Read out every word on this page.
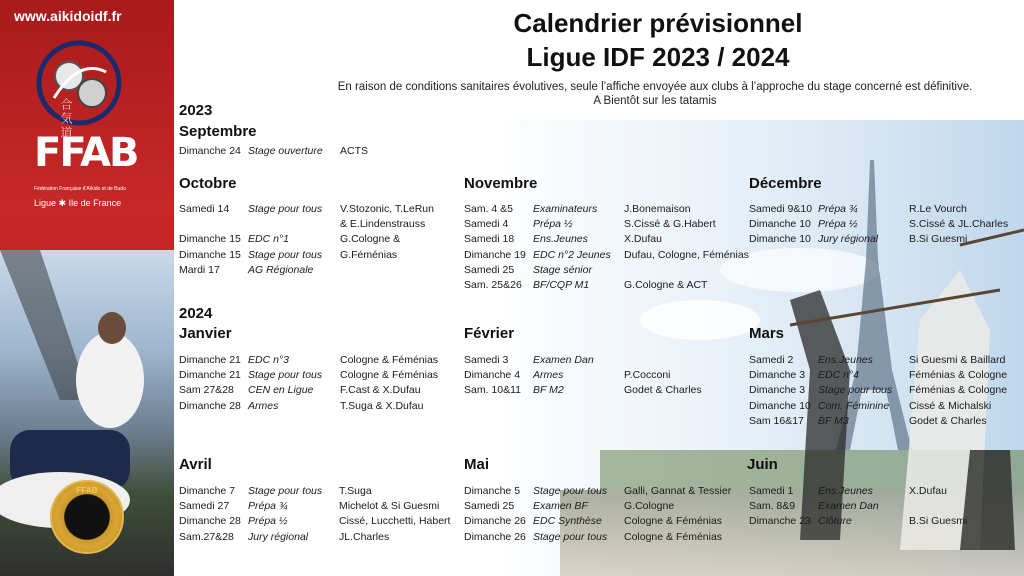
www.aikidoidf.fr
合気道
FFAB
Fédération Française d'Aïkido et de Budo
Ligue ✱ Ile de France
FFAB
Calendrier prévisionnel
Ligue IDF 2023 / 2024
En raison de conditions sanitaires évolutives, seule l’affiche envoyée aux clubs à l’approche du stage concerné est définitive.
A Bientôt sur les tatamis
2023
2024
Septembre
Dimanche 24 Stage ouverture ACTS
Octobre
Samedi 14

Dimanche 15
Dimanche 15
Mardi 17
Stage pour tous

EDC n°1
Stage pour tous
AG Régionale
V.Stozonic, T.LeRun
& E.Lindenstrauss
G.Cologne &
G.Féménias
Novembre
Sam. 4 &5
Samedi 4
Samedi 18
Dimanche 19
Samedi 25
Sam. 25&26
Examinateurs
Prépa ½
Ens.Jeunes
EDC n°2 Jeunes
Stage sénior
BF/CQP M1
J.Bonemaison
S.Cissé & G.Habert
X.Dufau
Dufau, Cologne, Féménias

G.Cologne & ACT
Décembre
Samedi 9&10
Dimanche 10
Dimanche 10
Prépa ¾
Prépa ½
Jury régional
R.Le Vourch
S.Cissé & JL.Charles
B.Si Guesmi
Janvier
Dimanche 21
Dimanche 21
Sam 27&28
Dimanche 28
EDC n°3
Stage pour tous
CEN en Ligue
Armes
Cologne & Féménias
Cologne & Féménias
F.Cast & X.Dufau
T.Suga & X.Dufau
Février
Samedi 3
Dimanche 4
Sam. 10&11
Examen Dan
Armes
BF M2

P.Cocconi
Godet & Charles
Mars
Samedi 2
Dimanche 3
Dimanche 3
Dimanche 10
Sam 16&17
Ens.Jeunes
EDC n°4
Stage pour tous
Com. Féminine
BF M3
Si Guesmi & Baillard
Féménias & Cologne
Féménias & Cologne
Cissé & Michalski
Godet & Charles
Avril
Dimanche 7
Samedi 27
Dimanche 28
Sam.27&28
Stage pour tous
Prépa ¾
Prépa ½
Jury régional
T.Suga
Michelot & Si Guesmi
Cissé, Lucchetti, Habert
JL.Charles
Mai
Dimanche 5
Samedi 25
Dimanche 26
Dimanche 26
Stage pour tous
Examen BF
EDC Synthèse
Stage pour tous
Galli, Gannat & Tessier
G.Cologne
Cologne & Féménias
Cologne & Féménias
Juin
Samedi 1
Sam. 8&9
Dimanche 23
Ens.Jeunes
Examen Dan
Clôture
X.Dufau

B.Si Guesmi
